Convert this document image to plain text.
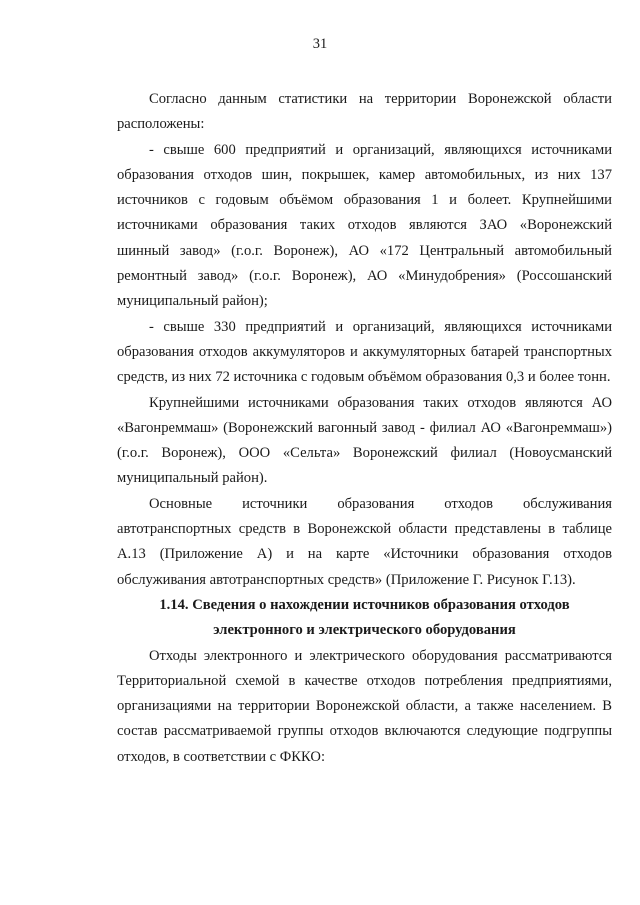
31

Согласно данным статистики на территории Воронежской области расположены:

- свыше 600 предприятий и организаций, являющихся источниками образования отходов шин, покрышек, камер автомобильных, из них 137 источников с годовым объёмом образования 1 и болеет. Крупнейшими источниками образования таких отходов являются ЗАО «Воронежский шинный завод» (г.о.г. Воронеж), АО «172 Центральный автомобильный ремонтный завод» (г.о.г. Воронеж), АО «Минудобрения» (Россошанский муниципальный район);

- свыше 330 предприятий и организаций, являющихся источниками образования отходов аккумуляторов и аккумуляторных батарей транспортных средств, из них 72 источника с годовым объёмом образования 0,3 и более тонн.

Крупнейшими источниками образования таких отходов являются АО «Вагонреммаш» (Воронежский вагонный завод - филиал АО «Вагонреммаш») (г.о.г. Воронеж), ООО «Сельта» Воронежский филиал (Новоусманский муниципальный район).

Основные источники образования отходов обслуживания автотранспортных средств в Воронежской области представлены в таблице А.13 (Приложение А) и на карте «Источники образования отходов обслуживания автотранспортных средств» (Приложение Г. Рисунок Г.13).

1.14. Сведения о нахождении источников образования отходов электронного и электрического оборудования

Отходы электронного и электрического оборудования рассматриваются Территориальной схемой в качестве отходов потребления предприятиями, организациями на территории Воронежской области, а также населением. В состав рассматриваемой группы отходов включаются следующие подгруппы отходов, в соответствии с ФККО:
